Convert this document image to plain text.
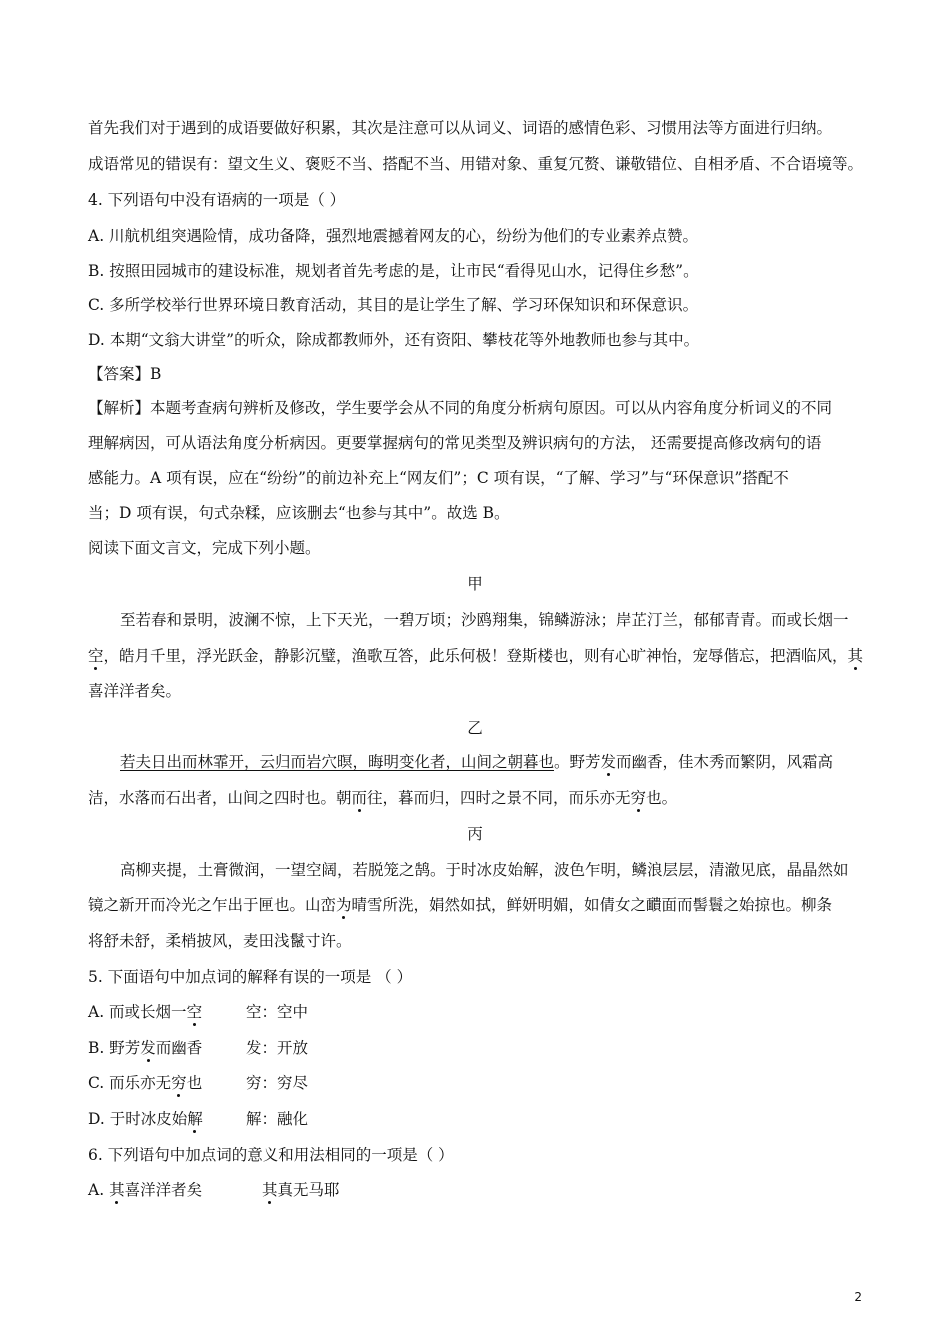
首先我们对于遇到的成语要做好积累，其次是注意可以从词义、词语的感情色彩、习惯用法等方面进行归纳。
成语常见的错误有：望文生义、褒贬不当、搭配不当、用错对象、重复冗赘、谦敬错位、自相矛盾、不合语境等。
4. 下列语句中没有语病的一项是（ ）
A. 川航机组突遇险情，成功备降，强烈地震撼着网友的心，纷纷为他们的专业素养点赞。
B. 按照田园城市的建设标准，规划者首先考虑的是，让市民“看得见山水，记得住乡愁”。
C. 多所学校举行世界环境日教育活动，其目的是让学生了解、学习环保知识和环保意识。
D. 本期“文翁大讲堂”的听众，除成都教师外，还有资阳、攀枝花等外地教师也参与其中。
【答案】B
【解析】本题考查病句辨析及修改，学生要学会从不同的角度分析病句原因。可以从内容角度分析词义的不同
理解病因，可从语法角度分析病因。更要掌握病句的常见类型及辨识病句的方法， 还需要提高修改病句的语
感能力。A 项有误，应在“纷纷”的前边补充上“网友们”；C 项有误，“了解、学习”与“环保意识”搭配不
当；D 项有误，句式杂糅，应该删去“也参与其中”。故选 B。
阅读下面文言文，完成下列小题。
甲
至若春和景明，波澜不惊，上下天光，一碧万顷；沙鸥翔集，锦鳞游泳；岸芷汀兰，郁郁青青。而或长烟一
空，皓月千里，浮光跃金，静影沉璧，渔歌互答，此乐何极！登斯楼也，则有心旷神怡，宠辱偕忘，把酒临风，其
喜洋洋者矣。
乙
若夫日出而林霏开，云归而岩穴暝，晦明变化者，山间之朝暮也。野芳发而幽香，佳木秀而繁阴，风霜高
洁，水落而石出者，山间之四时也。朝而往，暮而归，四时之景不同，而乐亦无穷也。
丙
高柳夹提，土膏微润，一望空阔，若脱笼之鹄。于时冰皮始解，波色乍明，鳞浪层层，清澈见底，晶晶然如
镜之新开而冷光之乍出于匣也。山峦为晴雪所洗，娟然如拭，鲜妍明媚，如倩女之靧面而髻鬟之始掠也。柳条
将舒未舒，柔梢披风，麦田浅鬣寸许。
5. 下面语句中加点词的解释有误的一项是 （ ）
A. 而或长烟一空	空：空中
B. 野芳发而幽香	发：开放
C. 而乐亦无穷也	穷：穷尽
D. 于时冰皮始解	解：融化
6. 下列语句中加点词的意义和用法相同的一项是（ ）
A. 其喜洋洋者矣	其真无马耶
2
